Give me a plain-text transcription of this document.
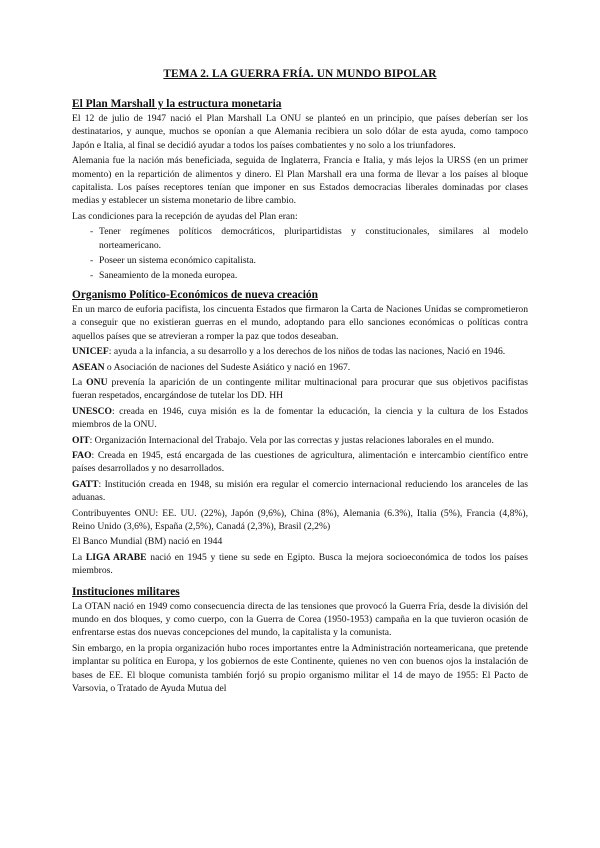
TEMA 2. LA GUERRA FRÍA. UN MUNDO BIPOLAR
El Plan Marshall y la estructura monetaria

El 12 de julio de 1947 nació el Plan Marshall La ONU se planteó en un principio, que países deberían ser los destinatarios, y aunque, muchos se oponían a que Alemania recibiera un solo dólar de esta ayuda, como tampoco Japón e Italia, al final se decidió ayudar a todos los países combatientes y no solo a los triunfadores.

Alemania fue la nación más beneficiada, seguida de Inglaterra, Francia e Italia, y más lejos la URSS (en un primer momento) en la repartición de alimentos y dinero. El Plan Marshall era una forma de llevar a los países al bloque capitalista. Los países receptores tenían que imponer en sus Estados democracias liberales dominadas por clases medias y establecer un sistema monetario de libre cambio.

Las condiciones para la recepción de ayudas del Plan eran:

- Tener regímenes políticos democráticos, pluripartidistas y constitucionales, similares al modelo norteamericano.
- Poseer un sistema económico capitalista.
- Saneamiento de la moneda europea.
Organismo Político-Económicos de nueva creación

En un marco de euforia pacifista, los cincuenta Estados que firmaron la Carta de Naciones Unidas se comprometieron a conseguir que no existieran guerras en el mundo, adoptando para ello sanciones económicas o políticas contra aquellos países que se atrevieran a romper la paz que todos deseaban.

UNICEF: ayuda a la infancia, a su desarrollo y a los derechos de los niños de todas las naciones, Nació en 1946.

ASEAN o Asociación de naciones del Sudeste Asiático y nació en 1967.

La ONU prevenía la aparición de un contingente militar multinacional para procurar que sus objetivos pacifistas fueran respetados, encargándose de tutelar los DD. HH

UNESCO: creada en 1946, cuya misión es la de fomentar la educación, la ciencia y la cultura de los Estados miembros de la ONU.

OIT: Organización Internacional del Trabajo. Vela por las correctas y justas relaciones laborales en el mundo.

FAO: Creada en 1945, está encargada de las cuestiones de agricultura, alimentación e intercambio científico entre países desarrollados y no desarrollados.

GATT: Institución creada en 1948, su misión era regular el comercio internacional reduciendo los aranceles de las aduanas.

Contribuyentes ONU: EE. UU. (22%), Japón (9,6%), China (8%), Alemania (6.3%), Italia (5%), Francia (4,8%), Reino Unido (3,6%), España (2,5%), Canadá (2,3%), Brasil (2,2%)

El Banco Mundial (BM) nació en 1944

La LIGA ARABE nació en 1945 y tiene su sede en Egipto. Busca la mejora socioeconómica de todos los países miembros.

Instituciones militares

La OTAN nació en 1949 como consecuencia directa de las tensiones que provocó la Guerra Fría, desde la división del mundo en dos bloques, y como cuerpo, con la Guerra de Corea (1950-1953) campaña en la que tuvieron ocasión de enfrentarse estas dos nuevas concepciones del mundo, la capitalista y la comunista.

Sin embargo, en la propia organización hubo roces importantes entre la Administración norteamericana, que pretende implantar su política en Europa, y los gobiernos de este Continente, quienes no ven con buenos ojos la instalación de bases de EE. El bloque comunista también forjó su propio organismo militar el 14 de mayo de 1955: El Pacto de Varsovia, o Tratado de Ayuda Mutua del
